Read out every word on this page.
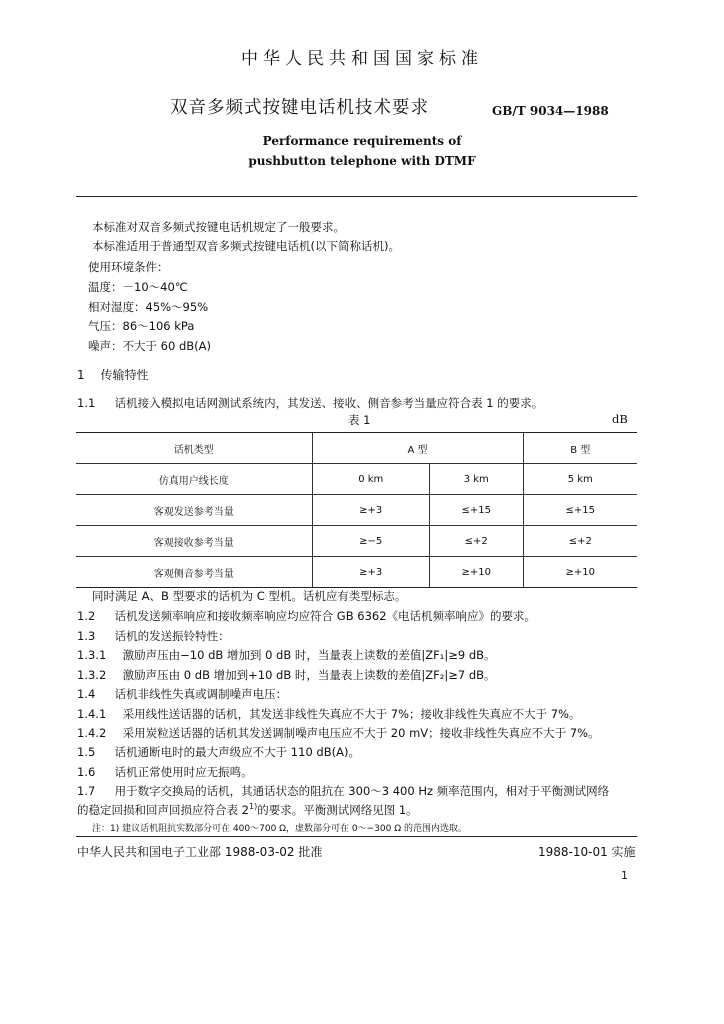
中华人民共和国国家标准
双音多频式按键电话机技术要求	GB/T 9034—1988
Performance requirements of
pushbutton telephone with DTMF
本标准对双音多频式按键电话机规定了一般要求。
本标准适用于普通型双音多频式按键电话机(以下简称话机)。
使用环境条件：
温度：－10～40℃
相对湿度：45%～95%
气压：86～106 kPa
噪声：不大于 60 dB(A)
1 传输特性
1.1 话机接入模拟电话网测试系统内，其发送、接收、侧音参考当量应符合表 1 的要求。
表 1	dB
话机类型	A 型		B 型
仿真用户线长度	0 km	3 km	5 km
客观发送参考当量	≥+3	≤+15	≤+15
客观接收参考当量	≥−5	≤+2	≤+2
客观侧音参考当量	≥+3	≥+10	≥+10
同时满足 A、B 型要求的话机为 C 型机。话机应有类型标志。
1.2 话机发送频率响应和接收频率响应均应符合 GB 6362《电话机频率响应》的要求。
1.3 话机的发送振铃特性：
1.3.1 激励声压由−10 dB 增加到 0 dB 时，当量表上读数的差值|ZF₁|≥9 dB。
1.3.2 激励声压由 0 dB 增加到+10 dB 时，当量表上读数的差值|ZF₂|≥7 dB。
1.4 话机非线性失真或调制噪声电压：
1.4.1 采用线性送话器的话机，其发送非线性失真应不大于 7%；接收非线性失真应不大于 7%。
1.4.2 采用炭粒送话器的话机其发送调制噪声电压应不大于 20 mV；接收非线性失真应不大于 7%。
1.5 话机通断电时的最大声级应不大于 110 dB(A)。
1.6 话机正常使用时应无振鸣。
1.7 用于数字交换局的话机，其通话状态的阻抗在 300～3 400 Hz 频率范围内，相对于平衡测试网络
的稳定回损和回声回损应符合表 2$^{1)}$的要求。平衡测试网络见图 1。
注：1) 建议话机阻抗实数部分可在 400～700 Ω，虚数部分可在 0～−300 Ω 的范围内选取。
中华人民共和国电子工业部 1988-03-02 批准	1988-10-01 实施
1
